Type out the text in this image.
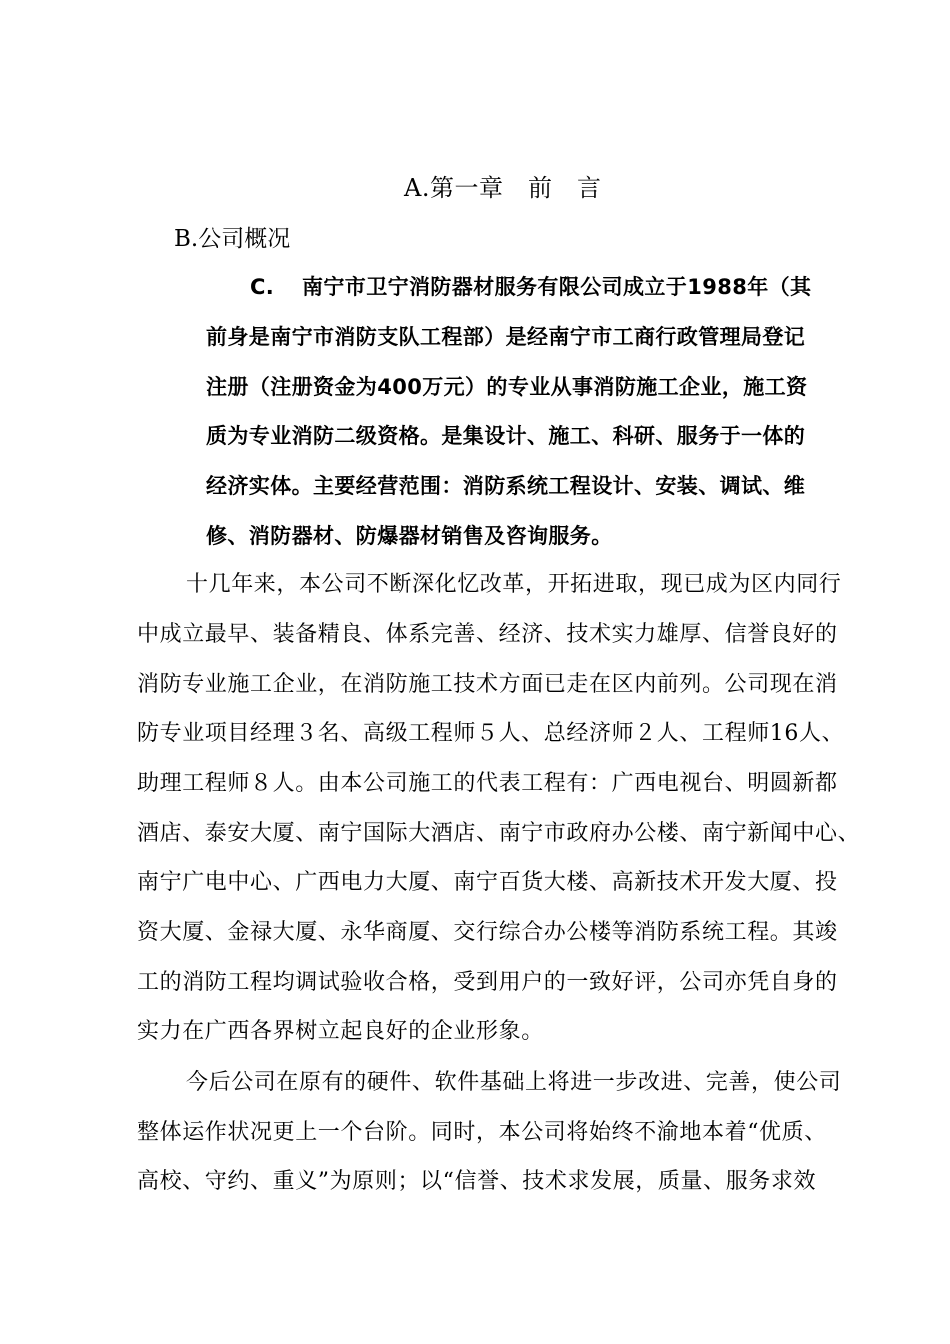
A.第一章　前　言
B.公司概况
C. 南宁市卫宁消防器材服务有限公司成立于1988年（其
前身是南宁市消防支队工程部）是经南宁市工商行政管理局登记
注册（注册资金为400万元）的专业从事消防施工企业，施工资
质为专业消防二级资格。是集设计、施工、科研、服务于一体的
经济实体。主要经营范围：消防系统工程设计、安装、调试、维
修、消防器材、防爆器材销售及咨询服务。
十几年来，本公司不断深化忆改革，开拓进取，现已成为区内同行
中成立最早、装备精良、体系完善、经济、技术实力雄厚、信誉良好的
消防专业施工企业，在消防施工技术方面已走在区内前列。公司现在消
防专业项目经理３名、高级工程师５人、总经济师２人、工程师16人、
助理工程师８人。由本公司施工的代表工程有：广西电视台、明圆新都
酒店、泰安大厦、南宁国际大酒店、南宁市政府办公楼、南宁新闻中心、
南宁广电中心、广西电力大厦、南宁百货大楼、高新技术开发大厦、投
资大厦、金禄大厦、永华商厦、交行综合办公楼等消防系统工程。其竣
工的消防工程均调试验收合格，受到用户的一致好评，公司亦凭自身的
实力在广西各界树立起良好的企业形象。
今后公司在原有的硬件、软件基础上将进一步改进、完善，使公司
整体运作状况更上一个台阶。同时，本公司将始终不渝地本着“优质、
高校、守约、重义”为原则；以“信誉、技术求发展，质量、服务求效
